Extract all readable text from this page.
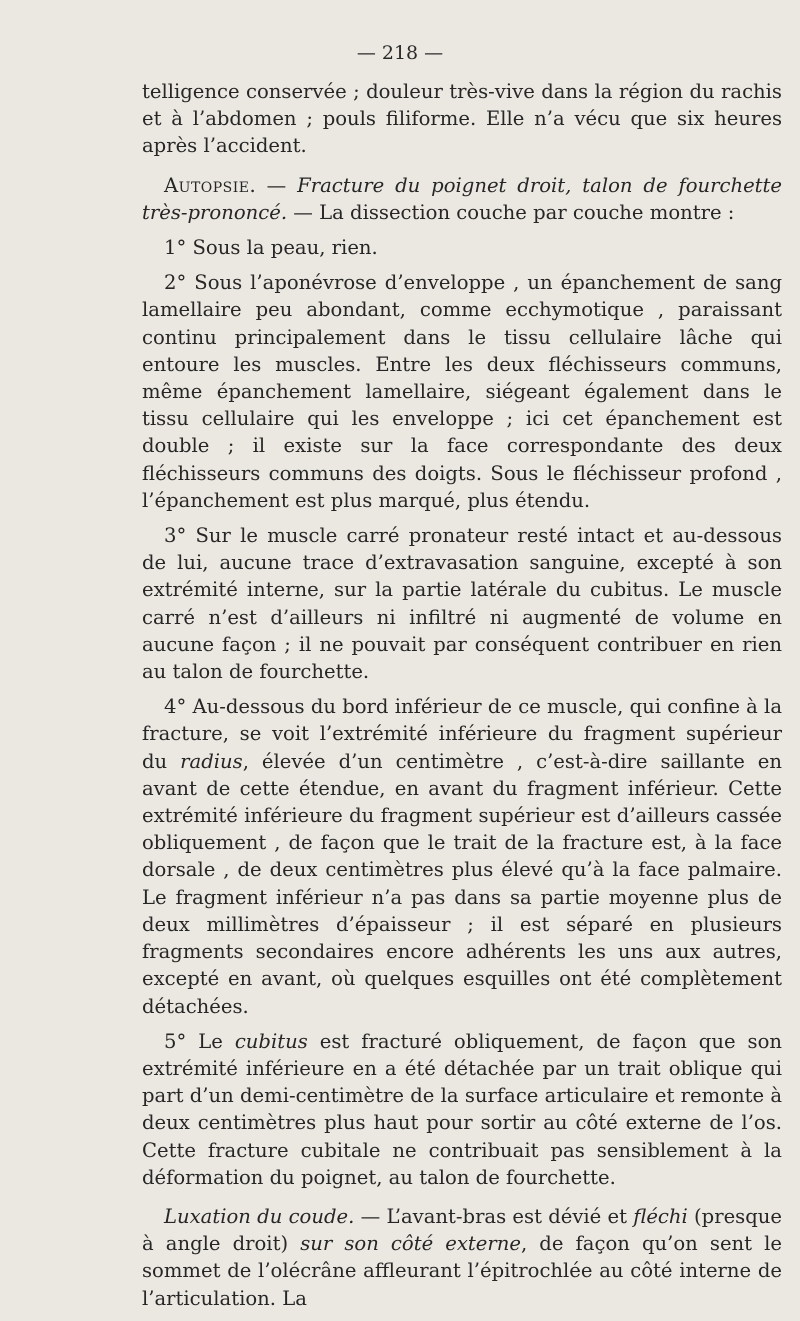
— 218 —

telligence conservée ; douleur très-vive dans la région du rachis et à l’abdomen ; pouls filiforme. Elle n’a vécu que six heures après l’accident.

Autopsie. — Fracture du poignet droit, talon de fourchette très-prononcé. — La dissection couche par couche montre :

1° Sous la peau, rien.

2° Sous l’aponévrose d’enveloppe , un épanchement de sang lamellaire peu abondant, comme ecchymotique , paraissant continu principalement dans le tissu cellulaire lâche qui entoure les muscles. Entre les deux fléchisseurs communs, même épanchement lamellaire, siégeant également dans le tissu cellulaire qui les enveloppe ; ici cet épanchement est double ; il existe sur la face correspondante des deux fléchisseurs communs des doigts. Sous le fléchisseur profond , l’épanchement est plus marqué, plus étendu.

3° Sur le muscle carré pronateur resté intact et au-dessous de lui, aucune trace d’extravasation sanguine, excepté à son extrémité interne, sur la partie latérale du cubitus. Le muscle carré n’est d’ailleurs ni infiltré ni augmenté de volume en aucune façon ; il ne pouvait par conséquent contribuer en rien au talon de fourchette.

4° Au-dessous du bord inférieur de ce muscle, qui confine à la fracture, se voit l’extrémité inférieure du fragment supérieur du radius, élevée d’un centimètre , c’est-à-dire saillante en avant de cette étendue, en avant du fragment inférieur. Cette extrémité inférieure du fragment supérieur est d’ailleurs cassée obliquement , de façon que le trait de la fracture est, à la face dorsale , de deux centimètres plus élevé qu’à la face palmaire. Le fragment inférieur n’a pas dans sa partie moyenne plus de deux millimètres d’épaisseur ; il est séparé en plusieurs fragments secondaires encore adhérents les uns aux autres, excepté en avant, où quelques esquilles ont été complètement détachées.

5° Le cubitus est fracturé obliquement, de façon que son extrémité inférieure en a été détachée par un trait oblique qui part d’un demi-centimètre de la surface articulaire et remonte à deux centimètres plus haut pour sortir au côté externe de l’os. Cette fracture cubitale ne contribuait pas sensiblement à la déformation du poignet, au talon de fourchette.

Luxation du coude. — L’avant-bras est dévié et fléchi (presque à angle droit) sur son côté externe, de façon qu’on sent le sommet de l’olécrâne affleurant l’épitrochlée au côté interne de l’articulation. La
